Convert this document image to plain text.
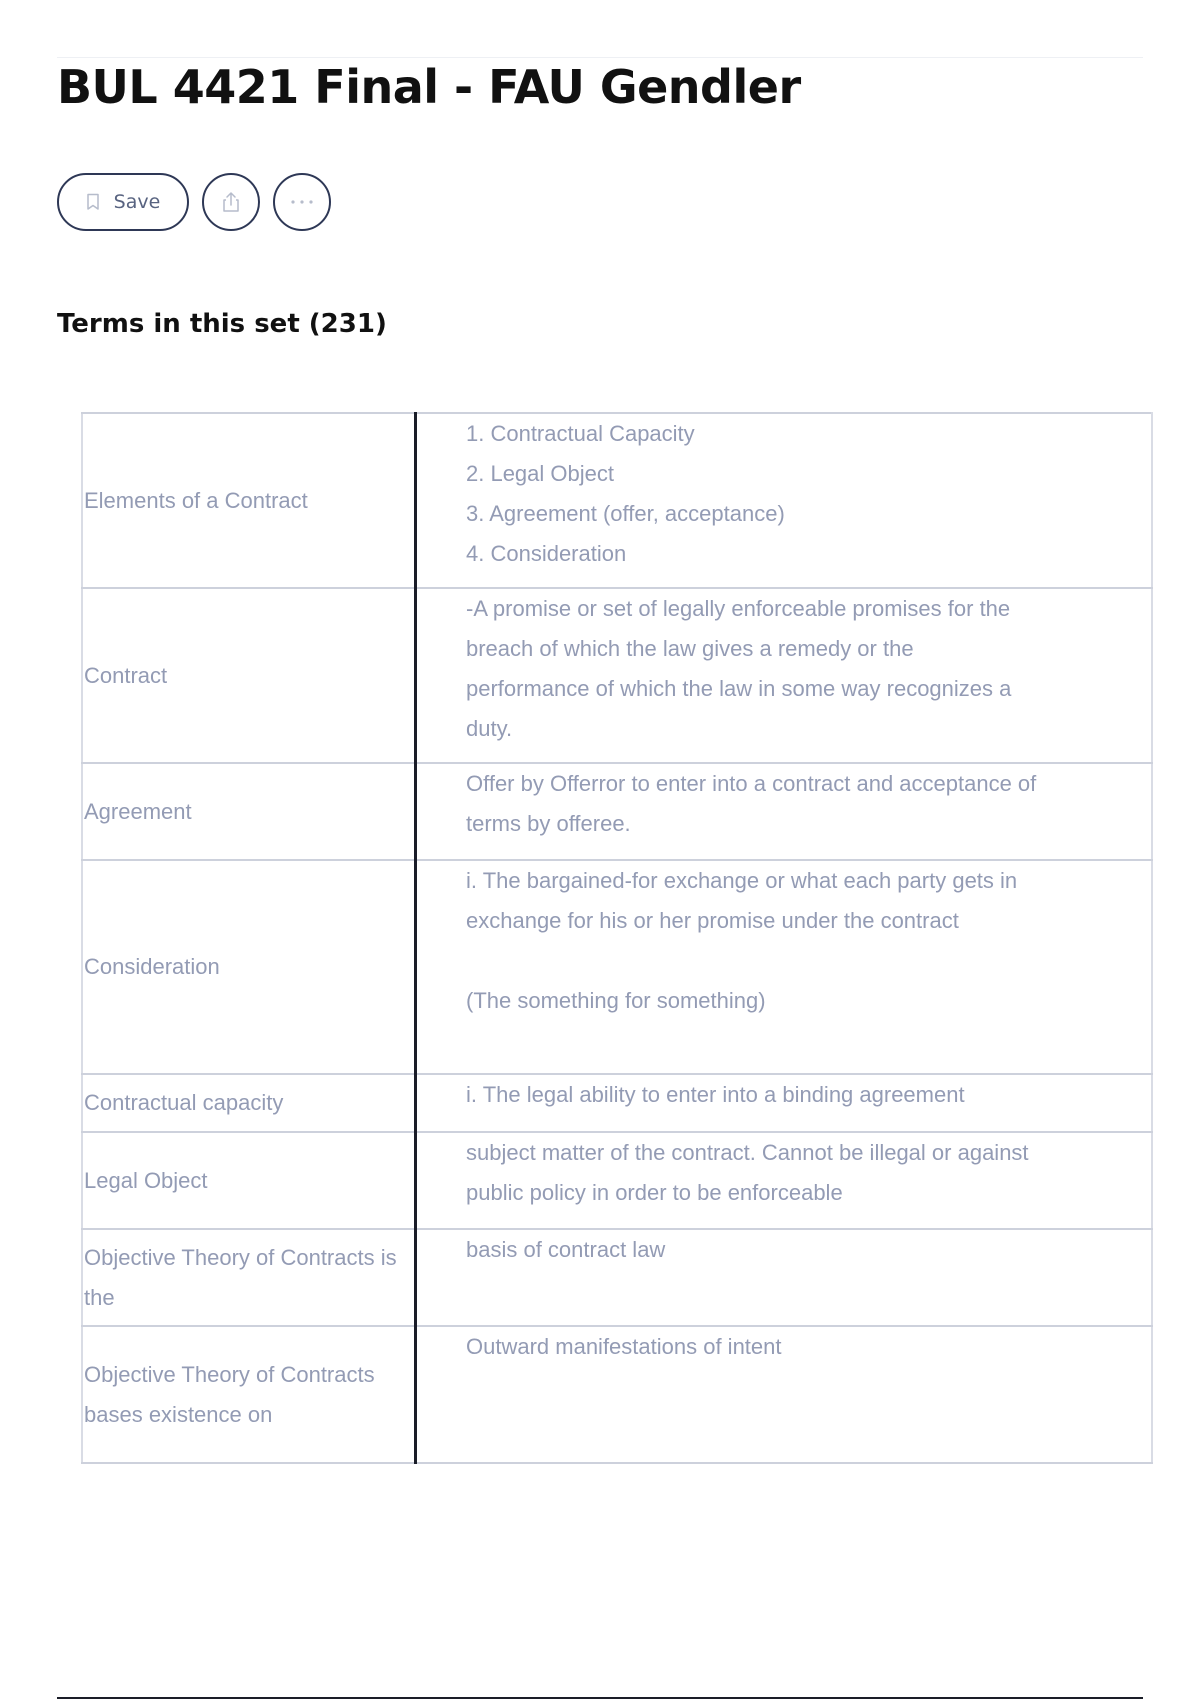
BUL 4421 Final - FAU Gendler
Save
Terms in this set (231)
Elements of a Contract	1. Contractual Capacity
2. Legal Object
3. Agreement (offer, acceptance)
4. Consideration
Contract	-A promise or set of legally enforceable promises for the breach of which the law gives a remedy or the performance of which the law in some way recognizes a duty.
Agreement	Offer by Offerror to enter into a contract and acceptance of terms by offeree.
Consideration	i. The bargained-for exchange or what each party gets in exchange for his or her promise under the contract

(The something for something)
Contractual capacity	i. The legal ability to enter into a binding agreement
Legal Object	subject matter of the contract. Cannot be illegal or against public policy in order to be enforceable
Objective Theory of Contracts is the	basis of contract law
Objective Theory of Contracts bases existence on	Outward manifestations of intent
